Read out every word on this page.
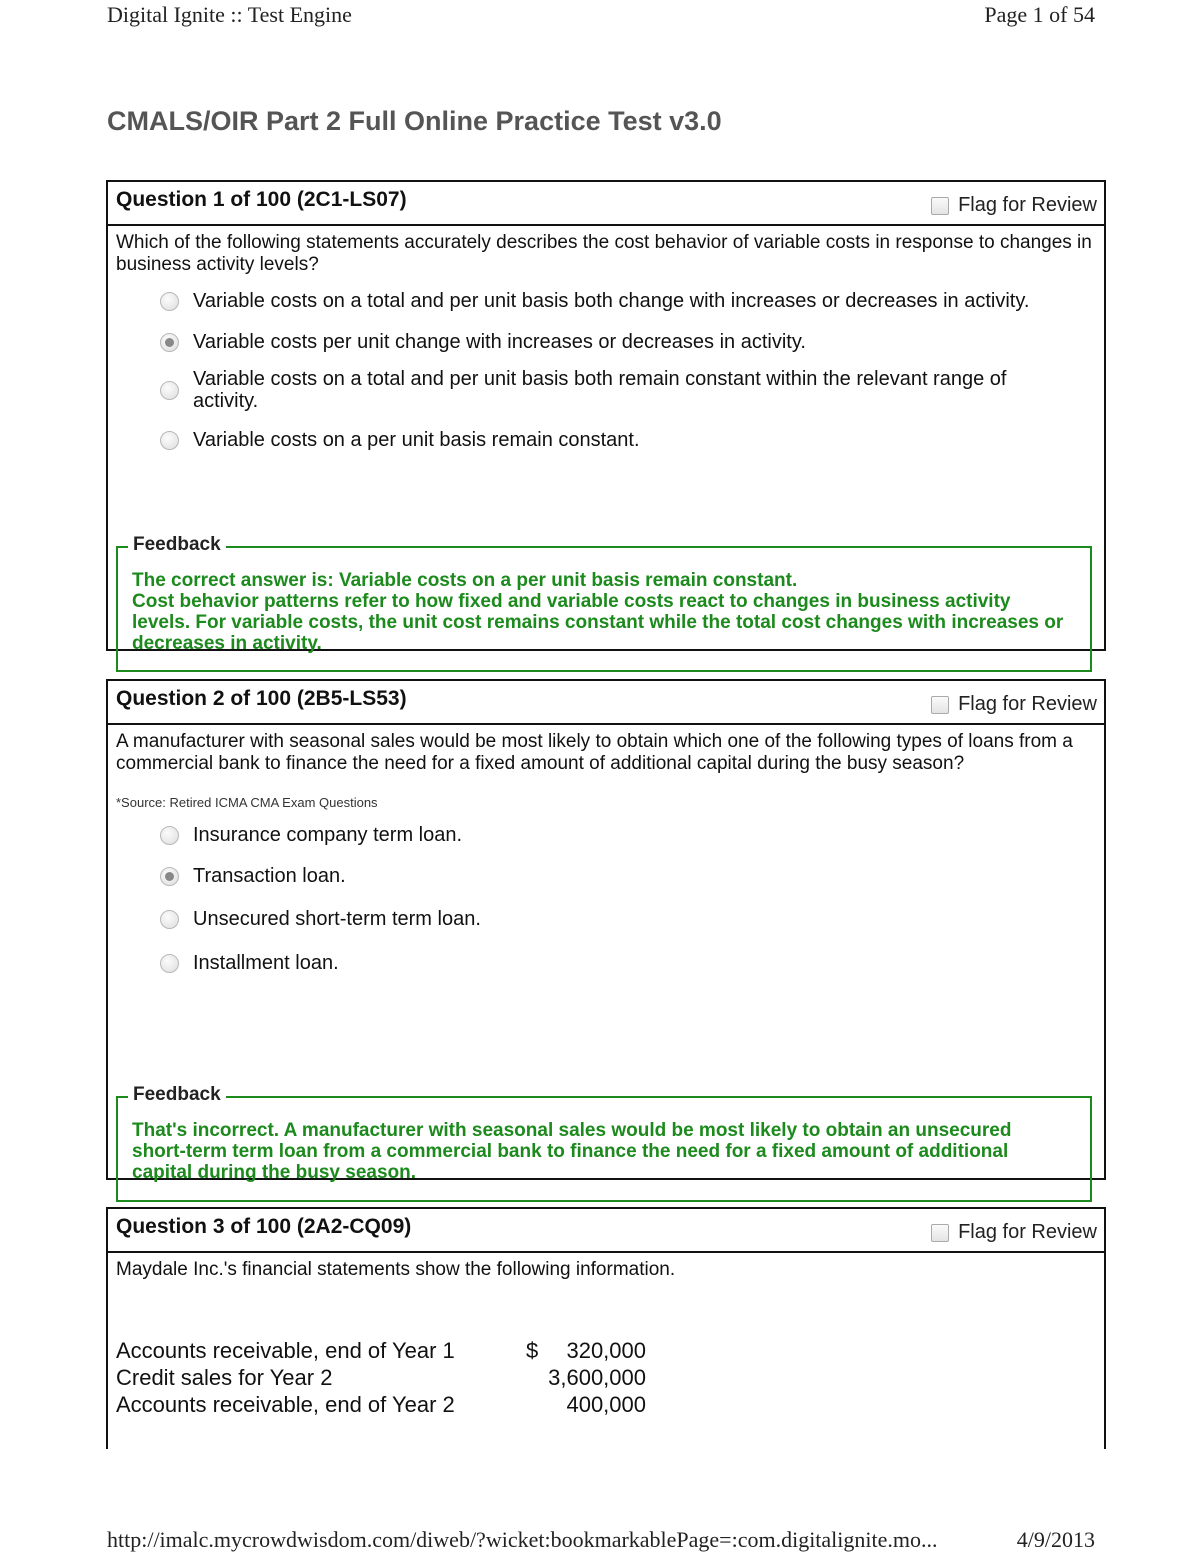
Digital Ignite :: Test Engine	Page 1 of 54
CMALS/OIR Part 2 Full Online Practice Test v3.0
Question 1 of 100 (2C1-LS07)	Flag for Review

Which of the following statements accurately describes the cost behavior of variable costs in response to changes in business activity levels?

Variable costs on a total and per unit basis both change with increases or decreases in activity.
Variable costs per unit change with increases or decreases in activity.
Variable costs on a total and per unit basis both remain constant within the relevant range of activity.
Variable costs on a per unit basis remain constant.
Feedback

The correct answer is: Variable costs on a per unit basis remain constant.
Cost behavior patterns refer to how fixed and variable costs react to changes in business activity levels. For variable costs, the unit cost remains constant while the total cost changes with increases or decreases in activity.

Question 2 of 100 (2B5-LS53)	Flag for Review

A manufacturer with seasonal sales would be most likely to obtain which one of the following types of loans from a commercial bank to finance the need for a fixed amount of additional capital during the busy season?

*Source: Retired ICMA CMA Exam Questions

Insurance company term loan.
Transaction loan.
Unsecured short-term term loan.
Installment loan.
Feedback

That's incorrect. A manufacturer with seasonal sales would be most likely to obtain an unsecured short-term term loan from a commercial bank to finance the need for a fixed amount of additional capital during the busy season.

Question 3 of 100 (2A2-CQ09)	Flag for Review

Maydale Inc.'s financial statements show the following information.

Accounts receivable, end of Year 1	$	320,000
Credit sales for Year 2		3,600,000
Accounts receivable, end of Year 2		400,000
http://imalc.mycrowdwisdom.com/diweb/?wicket:bookmarkablePage=:com.digitalignite.mo...	4/9/2013
